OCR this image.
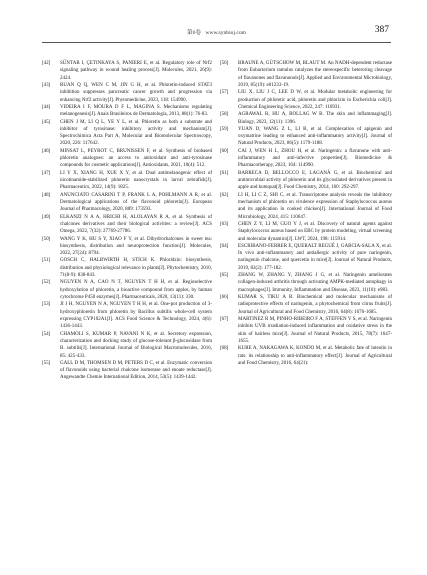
第6卷 www.synbioj.com	387
[42] SÜNTAR I, ÇETINKAYA S, PANIERI E, et al. Regulatory role of Nrf2 signaling pathway in wound healing process[J]. Molecules, 2021, 26(9): 2424.
[43] RUAN Q Q, WEN C M, JIN G H, et al. Phloretin-induced STAT3 inhibition suppresses pancreatic cancer growth and progression via enhancing Nrf2 activity[J]. Phytomedicine, 2023, 118: 154990.
[44] VIDEIRA I F, MOURA D F L, MAGINA S. Mechanisms regulating melanogenesis[J]. Anais Brasileiros de Dermatologia, 2013, 88(1): 76-83.
[45] CHEN J M, LI Q L, YE Y L, et al. Phloretin as both a substrate and inhibitor of tyrosinase: inhibitory activity and mechanism[J]. Spectrochimica Acta Part A, Molecular and Biomolecular Spectroscopy, 2020, 226: 117642.
[46] MINSAT L, PEYROT C, BRUNISSEN F, et al. Synthesis of biobased phloretin analogues: an access to antioxidant and anti-tyrosinase compounds for cosmetic applications[J]. Antioxidants, 2021, 10(4): 512.
[47] LI Y X, XIANG H, XUE X Y, et al. Dual antimelanogenic effect of nicotinamide-stabilized phloretin nanocrystals in larval zebrafish[J]. Pharmaceutics, 2022, 14(9): 1825.
[48] ANUNCIATO CASARINI T P, FRANK L A, POHLMANN A R, et al. Dermatological applications of the flavonoid phloretin[J]. European Journal of Pharmacology, 2020, 889: 173593.
[49] ELKANZI N A A, HRICHI H, ALOLAYAN R A, et al. Synthesis of chalcones derivatives and their biological activities: a review[J]. ACS Omega, 2022, 7(32): 27769-27786.
[50] WANG Y K, HU S Y, XIAO F Y, et al. Dihydrochalcones in sweet tea: biosynthesis, distribution and neuroprotection function[J]. Molecules, 2022, 27(24): 8794.
[51] GOSCH C, HALBWIRTH H, STICH K. Phloridzin: biosynthesis, distribution and physiological relevance in plants[J]. Phytochemistry, 2010, 71(8-9): 838-843.
[52] NGUYEN N A, CAO N T, NGUYEN T H H, et al. Regioselective hydroxylation of phloretin, a bioactive compound from apples, by human cytochrome P450 enzymes[J]. Pharmaceuticals, 2020, 13(11): 330.
[53] JI J H, NGUYEN N A, NGUYEN T H H, et al. One-pot production of 3-hydroxyphloretin from phloretin by Bacillus subtilis whole-cell system expressing CYP102A1[J]. ACS Food Science & Technology, 2024, 4(6): 1436-1443.
[54] CHAMOLI S, KUMAR P, NAVANI N K, et al. Secretory expression, characterization and docking study of glucose-tolerant β-glucosidase from B. subtilis[J]. International Journal of Biological Macromolecules, 2016, 85: 425-433.
[55] GALL D M, THOMSEN D M, PETERS D C, et al. Enzymatic conversion of flavonoids using bacterial chalcone isomerase and enoate reductase[J]. Angewandte Chemie International Edition, 2014, 53(5): 1439-1442.
[56] BRAUNE A, GÜTSCHOW M, BLAUT M. An NADH-dependent reductase from Eubacterium ramulus catalyzes the stereospecific heteroring cleavage of flavanones and flavanonols[J]. Applied and Environmental Microbiology, 2019, 85(19): e01233-19.
[57] LIU X, LIU J C, LEE D W, et al. Modular metabolic engineering for production of phloretic acid, phloretin and phlorizin in Escherichia coli[J]. Chemical Engineering Science, 2022, 247: 116931.
[58] AGRAWAL R, HU A, BOLLAG W B. The skin and inflammaging[J]. Biology, 2023, 12(11): 1396.
[59] YUAN D, WANG Z L, LI B, et al. Complexation of apigenin and oxymatrine leading to enhanced anti-inflammatory activity[J]. Journal of Natural Products, 2023, 86(5): 1179-1188.
[60] CAI J, WEN H L, ZHOU H, et al. Naringenin: a flavanone with anti-inflammatory and anti-infective properties[J]. Biomedicine & Pharmacotherapy, 2023, 164: 114990.
[61] BARRECA D, BELLOCCO E, LAGANÀ G, et al. Biochemical and antimicrobial activity of phloretin and its glycosilated derivatives present in apple and kumquat[J]. Food Chemistry, 2014, 160: 292-297.
[62] LI H, LI C Z, SHI C, et al. Transcriptome analysis reveals the inhibitory mechanism of phloretin on virulence expression of Staphylococcus aureus and its application in cooked chicken[J]. International Journal of Food Microbiology, 2024, 415: 110647.
[63] CHEN Z Y, LI M, GUO Y J, et al. Discovery of natural agents against Staphylococcus aureus based on EBC by protein modeling, virtual screening and molecular dynamics[J]. LWT, 2024, 198: 115914.
[64] ESCRIBANO-FERRER E, QUERALT REGUÉ J, GARCIA-SALA X, et al. In vivo anti-inflammatory and antiallergic activity of pure naringenin, naringenin chalcone, and quercetin in mice[J]. Journal of Natural Products, 2019, 82(2): 177-182.
[65] ZHANG W, ZHANG Y, ZHANG J G, et al. Naringenin ameliorates collagen-induced arthritis through activating AMPK-mediated autophagy in macrophages[J]. Immunity, Inflammation and Disease, 2023, 11(10): e983.
[66] KUMAR S, TIKU A B. Biochemical and molecular mechanisms of radioprotective effects of naringenin, a phytochemical from citrus fruits[J]. Journal of Agricultural and Food Chemistry, 2016, 64(8): 1676-1685.
[67] MARTINEZ R M, PINHO-RIBEIRO F A, STEFFEN V S, et al. Naringenin inhibits UVB irradiation-induced inflammation and oxidative stress in the skin of hairless mice[J]. Journal of Natural Products, 2015, 78(7): 1647-1655.
[68] KURE A, NAKAGAWA K, KONDO M, et al. Metabolic fate of luteolin in rats: its relationship to anti-inflammatory effect[J]. Journal of Agricultural and Food Chemistry, 2016, 64(21):
